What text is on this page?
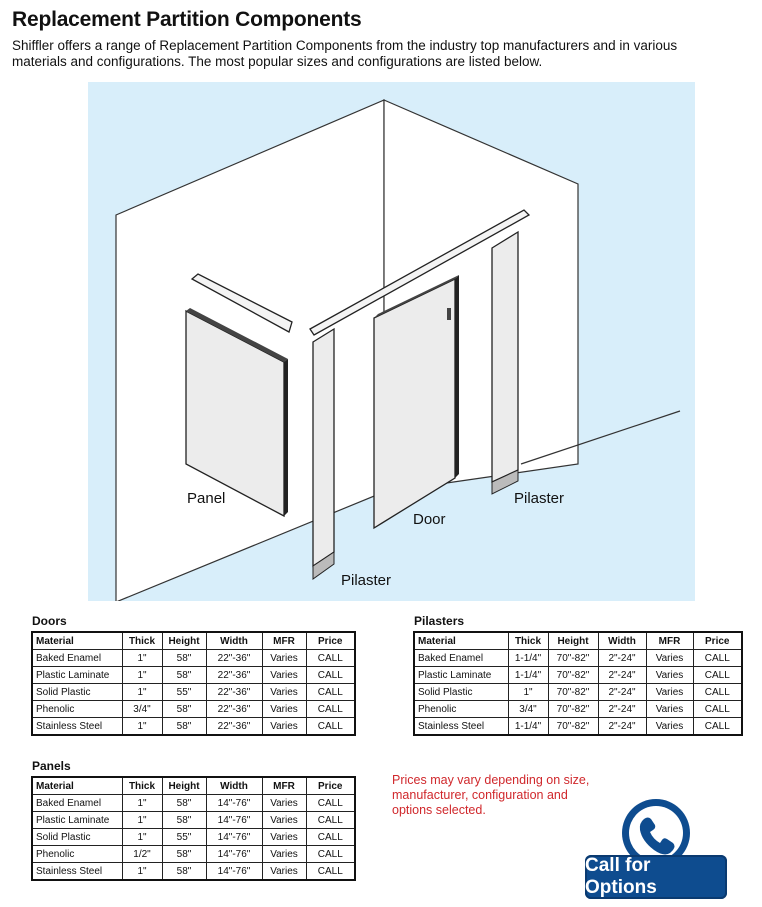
Replacement Partition Components
Shiffler offers a range of Replacement Partition Components from the industry top manufacturers and in various materials and configurations. The most popular sizes and configurations are listed below.
Panel
Door
Pilaster
Pilaster
Doors
Material	Thick	Height	Width	MFR	Price
Baked Enamel	1"	58"	22"-36"	Varies	CALL
Plastic Laminate	1"	58"	22"-36"	Varies	CALL
Solid Plastic	1"	55"	22"-36"	Varies	CALL
Phenolic	3/4"	58"	22"-36"	Varies	CALL
Stainless Steel	1"	58"	22"-36"	Varies	CALL
Pilasters
Material	Thick	Height	Width	MFR	Price
Baked Enamel	1-1/4"	70"-82"	2"-24"	Varies	CALL
Plastic Laminate	1-1/4"	70"-82"	2"-24"	Varies	CALL
Solid Plastic	1"	70"-82"	2"-24"	Varies	CALL
Phenolic	3/4"	70"-82"	2"-24"	Varies	CALL
Stainless Steel	1-1/4"	70"-82"	2"-24"	Varies	CALL
Panels
Material	Thick	Height	Width	MFR	Price
Baked Enamel	1"	58"	14"-76"	Varies	CALL
Plastic Laminate	1"	58"	14"-76"	Varies	CALL
Solid Plastic	1"	55"	14"-76"	Varies	CALL
Phenolic	1/2"	58"	14"-76"	Varies	CALL
Stainless Steel	1"	58"	14"-76"	Varies	CALL
Prices may vary depending on size, manufacturer, configuration and options selected.
Call for Options
